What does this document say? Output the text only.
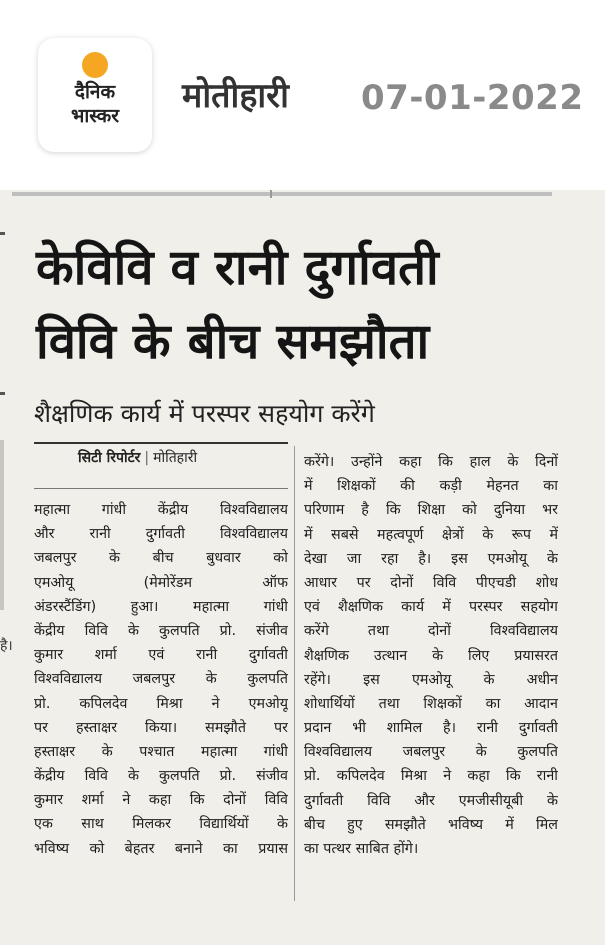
दैनिक
भास्कर	मोतीहारी 07-01-2022
है।
केविवि व रानी दुर्गावती
विवि के बीच समझौता
शैक्षणिक कार्य में परस्पर सहयोग करेंगे
सिटी रिपोर्टर | मोतिहारी
महात्मा गांधी केंद्रीय विश्वविद्यालय
और रानी दुर्गावती विश्वविद्यालय
जबलपुर के बीच बुधवार को
एमओयू (मेमोरेंडम ऑफ
अंडरस्टैंडिंग) हुआ। महात्मा गांधी
केंद्रीय विवि के कुलपति प्रो. संजीव
कुमार शर्मा एवं रानी दुर्गावती
विश्वविद्यालय जबलपुर के कुलपति
प्रो. कपिलदेव मिश्रा ने एमओयू
पर हस्ताक्षर किया। समझौते पर
हस्ताक्षर के पश्चात महात्मा गांधी
केंद्रीय विवि के कुलपति प्रो. संजीव
कुमार शर्मा ने कहा कि दोनों विवि
एक साथ मिलकर विद्यार्थियों के
भविष्य को बेहतर बनाने का प्रयास
करेंगे। उन्होंने कहा कि हाल के दिनों
में शिक्षकों की कड़ी मेहनत का
परिणाम है कि शिक्षा को दुनिया भर
में सबसे महत्वपूर्ण क्षेत्रों के रूप में
देखा जा रहा है। इस एमओयू के
आधार पर दोनों विवि पीएचडी शोध
एवं शैक्षणिक कार्य में परस्पर सहयोग
करेंगे तथा दोनों विश्वविद्यालय
शैक्षणिक उत्थान के लिए प्रयासरत
रहेंगे। इस एमओयू के अधीन
शोधार्थियों तथा शिक्षकों का आदान
प्रदान भी शामिल है। रानी दुर्गावती
विश्वविद्यालय जबलपुर के कुलपति
प्रो. कपिलदेव मिश्रा ने कहा कि रानी
दुर्गावती विवि और एमजीसीयूबी के
बीच हुए समझौते भविष्य में मिल
का पत्थर साबित होंगे।
